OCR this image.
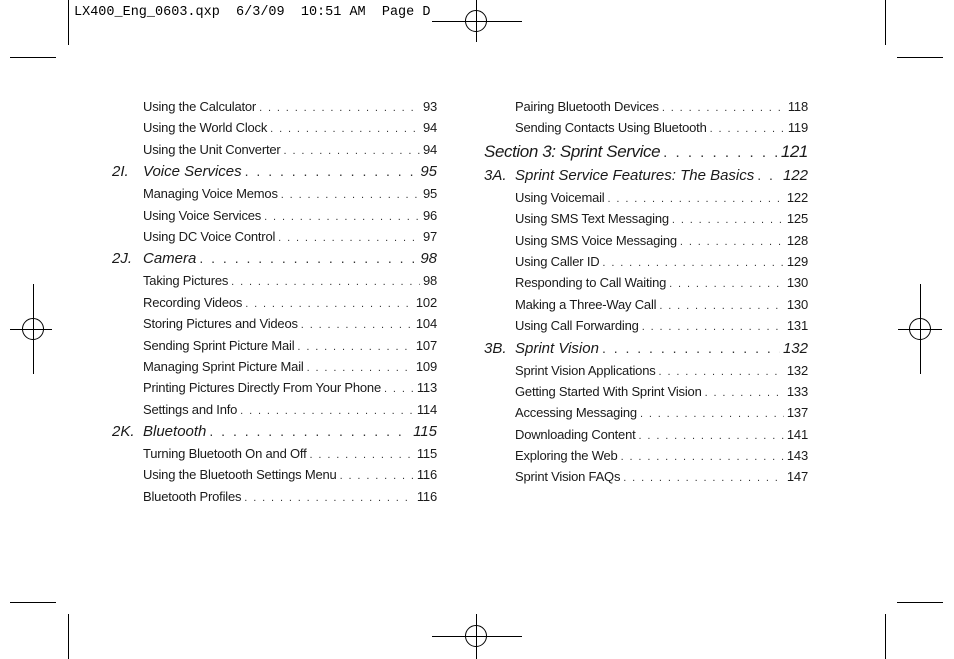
LX400_Eng_0603.qxp 6/3/09 10:51 AM Page D
Using the Calculator . . .	93
Using the World Clock . . .	94
Using the Unit Converter . . .	94
2I. Voice Services . . .	95
Managing Voice Memos . . .	95
Using Voice Services . . .	96
Using DC Voice Control . . .	97
2J. Camera . . .	98
Taking Pictures . . .	98
Recording Videos . . .	102
Storing Pictures and Videos . . .	104
Sending Sprint Picture Mail . . .	107
Managing Sprint Picture Mail . . .	109
Printing Pictures Directly From Your Phone . . .	113
Settings and Info . . .	114
2K. Bluetooth . . .	115
Turning Bluetooth On and Off . . .	115
Using the Bluetooth Settings Menu . . .	116
Bluetooth Profiles . . .	116
Pairing Bluetooth Devices . . .	118
Sending Contacts Using Bluetooth . . .	119
Section 3: Sprint Service . . .	121
3A. Sprint Service Features: The Basics . . . 122
Using Voicemail . . .	122
Using SMS Text Messaging . . .	125
Using SMS Voice Messaging . . .	128
Using Caller ID . . .	129
Responding to Call Waiting . . .	130
Making a Three-Way Call . . .	130
Using Call Forwarding . . .	131
3B. Sprint Vision . . .	132
Sprint Vision Applications . . .	132
Getting Started With Sprint Vision . . .	133
Accessing Messaging . . .	137
Downloading Content . . .	141
Exploring the Web . . .	143
Sprint Vision FAQs . . .	147
